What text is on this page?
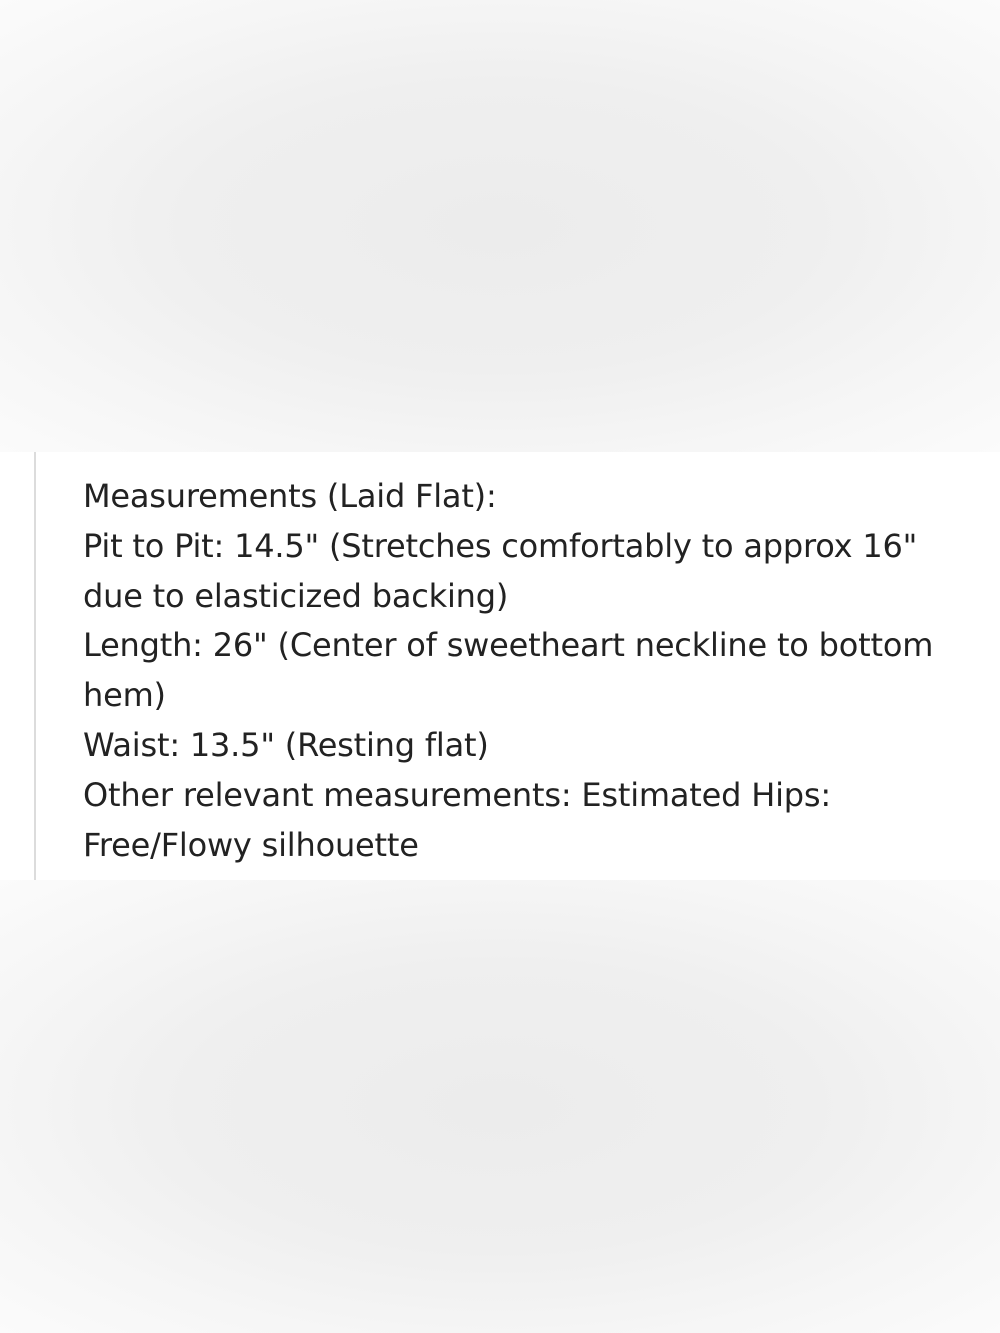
Measurements (Laid Flat):

Pit to Pit: 14.5" (Stretches comfortably to approx 16" due to elasticized backing)

Length: 26" (Center of sweetheart neckline to bottom hem)

Waist: 13.5" (Resting flat)

Other relevant measurements: Estimated Hips: Free/Flowy silhouette
